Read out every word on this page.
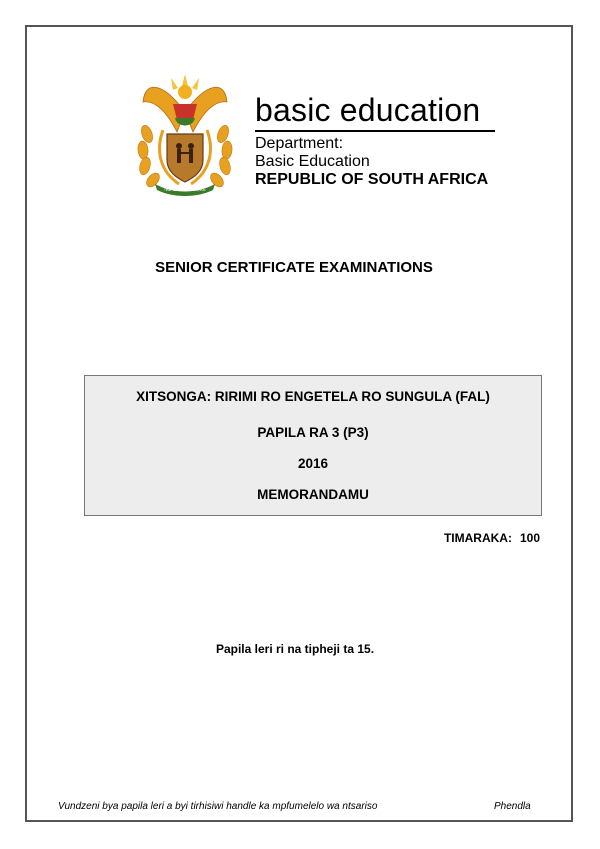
!KE E: /XARRA //KE
basic education
Department:
Basic Education
REPUBLIC OF SOUTH AFRICA
SENIOR CERTIFICATE EXAMINATIONS
XITSONGA: RIRIMI RO ENGETELA RO SUNGULA (FAL)
PAPILA RA 3 (P3)
2016
MEMORANDAMU
TIMARAKA: 100
Papila leri ri na tipheji ta 15.
Vundzeni bya papila leri a byi tirhisiwi handle ka mpfumelelo wa ntsariso	Phendla
